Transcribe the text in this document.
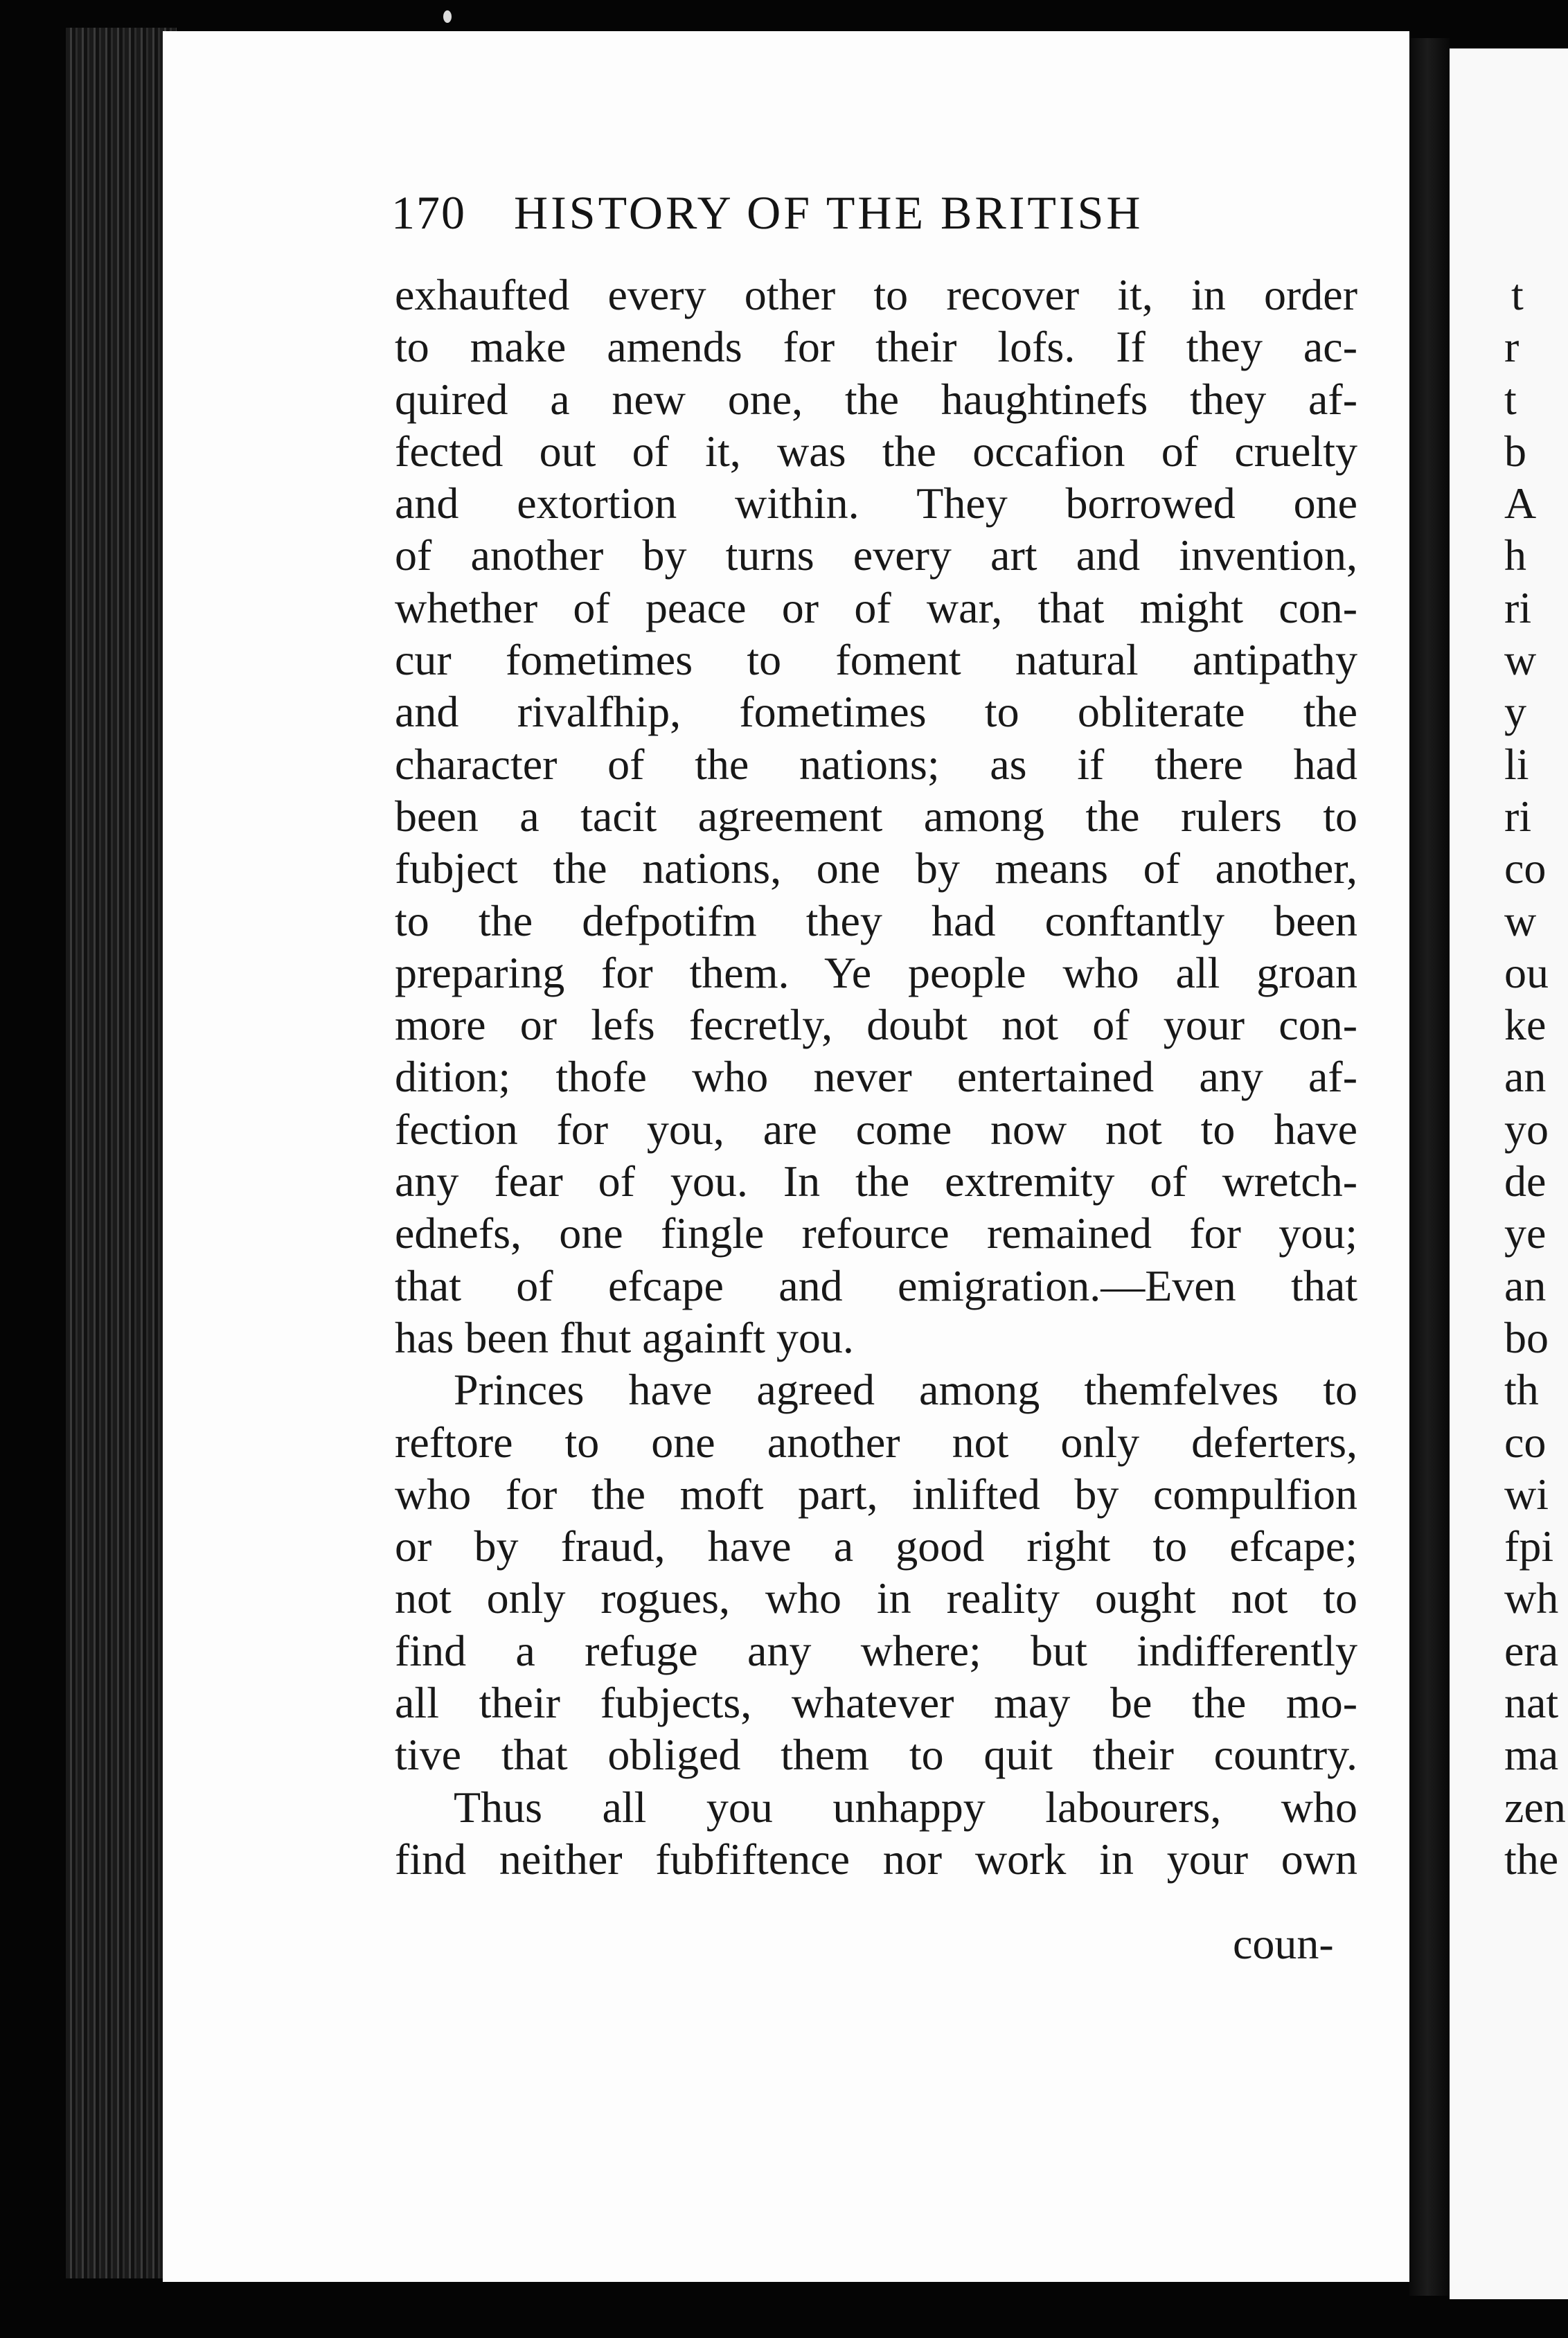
170 HISTORY OF THE BRITISH
exhaufted every other to recover it, in order
to make amends for their lofs. If they ac-
quired a new one, the haughtinefs they af-
fected out of it, was the occafion of cruelty
and extortion within. They borrowed one
of another by turns every art and invention,
whether of peace or of war, that might con-
cur fometimes to foment natural antipathy
and rivalfhip, fometimes to obliterate the
character of the nations; as if there had
been a tacit agreement among the rulers to
fubject the nations, one by means of another,
to the defpotifm they had conftantly been
preparing for them. Ye people who all groan
more or lefs fecretly, doubt not of your con-
dition; thofe who never entertained any af-
fection for you, are come now not to have
any fear of you. In the extremity of wretch-
ednefs, one fingle refource remained for you;
that of efcape and emigration.—Even that
has been fhut againft you.
Princes have agreed among themfelves to
reftore to one another not only deferters,
who for the moft part, inlifted by compulfion
or by fraud, have a good right to efcape;
not only rogues, who in reality ought not to
find a refuge any where; but indifferently
all their fubjects, whatever may be the mo-
tive that obliged them to quit their country.
Thus all you unhappy labourers, who
find neither fubfiftence nor work in your own
coun-
t
r
t
b
A
h
ri
w
y
li
ri
co
w
ou
ke
an
yo
de
ye
an
bo
th
co
wi
fpi
wh
era
nat
ma
zen
the
